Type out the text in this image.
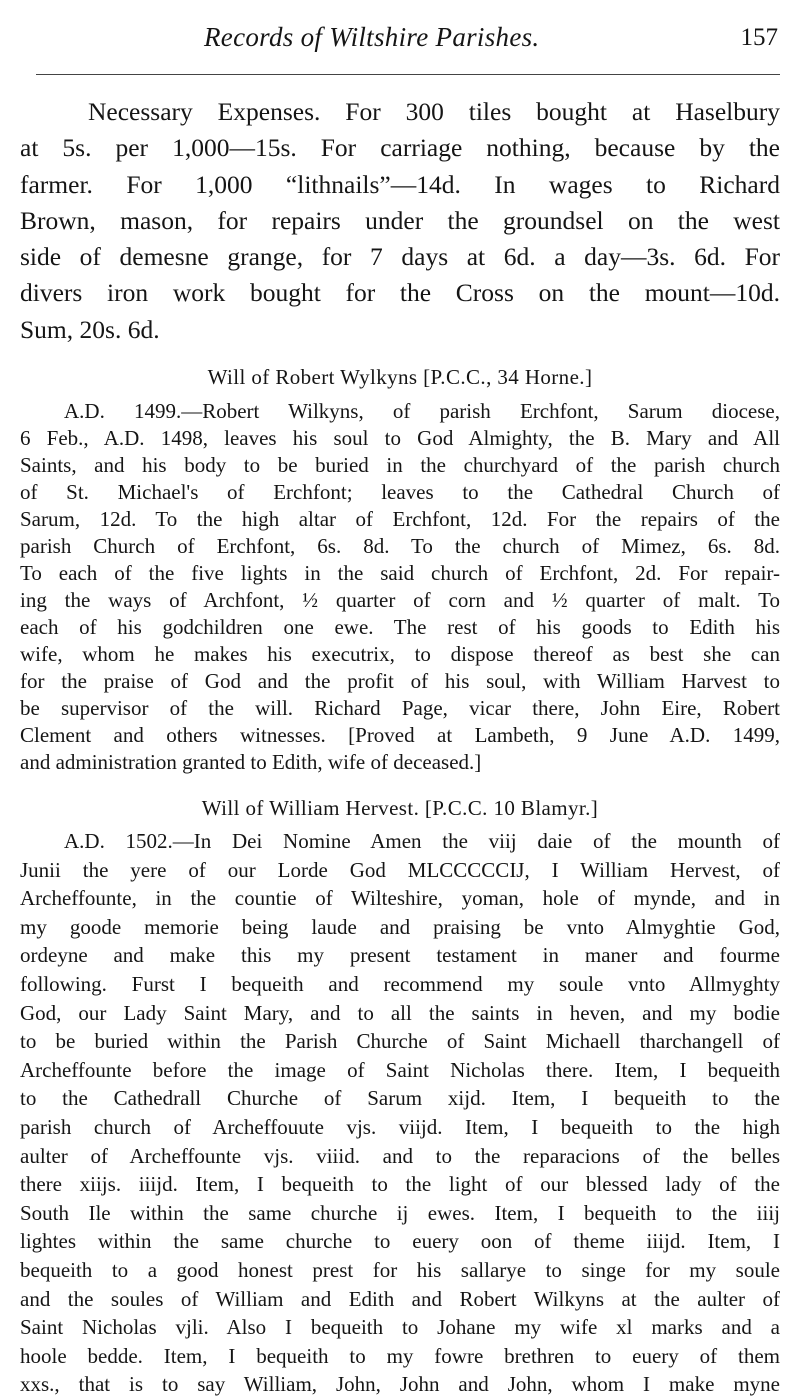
Records of Wiltshire Parishes.	157
Necessary Expenses. For 300 tiles bought at Haselbury
at 5s. per 1,000—15s. For carriage nothing, because by the
farmer. For 1,000 “lithnails”—14d. In wages to Richard
Brown, mason, for repairs under the groundsel on the west
side of demesne grange, for 7 days at 6d. a day—3s. 6d. For
divers iron work bought for the Cross on the mount—10d.
Sum, 20s. 6d.
Will of Robert Wylkyns [P.C.C., 34 Horne.]
A.D. 1499.—Robert Wilkyns, of parish Erchfont, Sarum diocese,
6 Feb., A.D. 1498, leaves his soul to God Almighty, the B. Mary and All
Saints, and his body to be buried in the churchyard of the parish church
of St. Michael's of Erchfont; leaves to the Cathedral Church of
Sarum, 12d. To the high altar of Erchfont, 12d. For the repairs of the
parish Church of Erchfont, 6s. 8d. To the church of Mimez, 6s. 8d.
To each of the five lights in the said church of Erchfont, 2d. For repair-
ing the ways of Archfont, ½ quarter of corn and ½ quarter of malt. To
each of his godchildren one ewe. The rest of his goods to Edith his
wife, whom he makes his executrix, to dispose thereof as best she can
for the praise of God and the profit of his soul, with William Harvest to
be supervisor of the will. Richard Page, vicar there, John Eire, Robert
Clement and others witnesses. [Proved at Lambeth, 9 June A.D. 1499,
and administration granted to Edith, wife of deceased.]
Will of William Hervest. [P.C.C. 10 Blamyr.]
A.D. 1502.—In Dei Nomine Amen the viij daie of the mounth of
Junii the yere of our Lorde God MLCCCCCIJ, I William Hervest, of
Archeffounte, in the countie of Wilteshire, yoman, hole of mynde, and in
my goode memorie being laude and praising be vnto Almyghtie God,
ordeyne and make this my present testament in maner and fourme
following. Furst I bequeith and recommend my soule vnto Allmyghty
God, our Lady Saint Mary, and to all the saints in heven, and my bodie
to be buried within the Parish Churche of Saint Michaell tharchangell of
Archeffounte before the image of Saint Nicholas there. Item, I bequeith
to the Cathedrall Churche of Sarum xijd. Item, I bequeith to the
parish church of Archeffouute vjs. viijd. Item, I bequeith to the high
aulter of Archeffounte vjs. viiid. and to the reparacions of the belles
there xiijs. iiijd. Item, I bequeith to the light of our blessed lady of the
South Ile within the same churche ij ewes. Item, I bequeith to the iiij
lightes within the same churche to euery oon of theme iiijd. Item, I
bequeith to a good honest prest for his sallarye to singe for my soule
and the soules of William and Edith and Robert Wilkyns at the aulter of
Saint Nicholas vjli. Also I bequeith to Johane my wife xl marks and a
hoole bedde. Item, I bequeith to my fowre brethren to euery of them
xxs., that is to say William, John, John and John, whom I make myne
